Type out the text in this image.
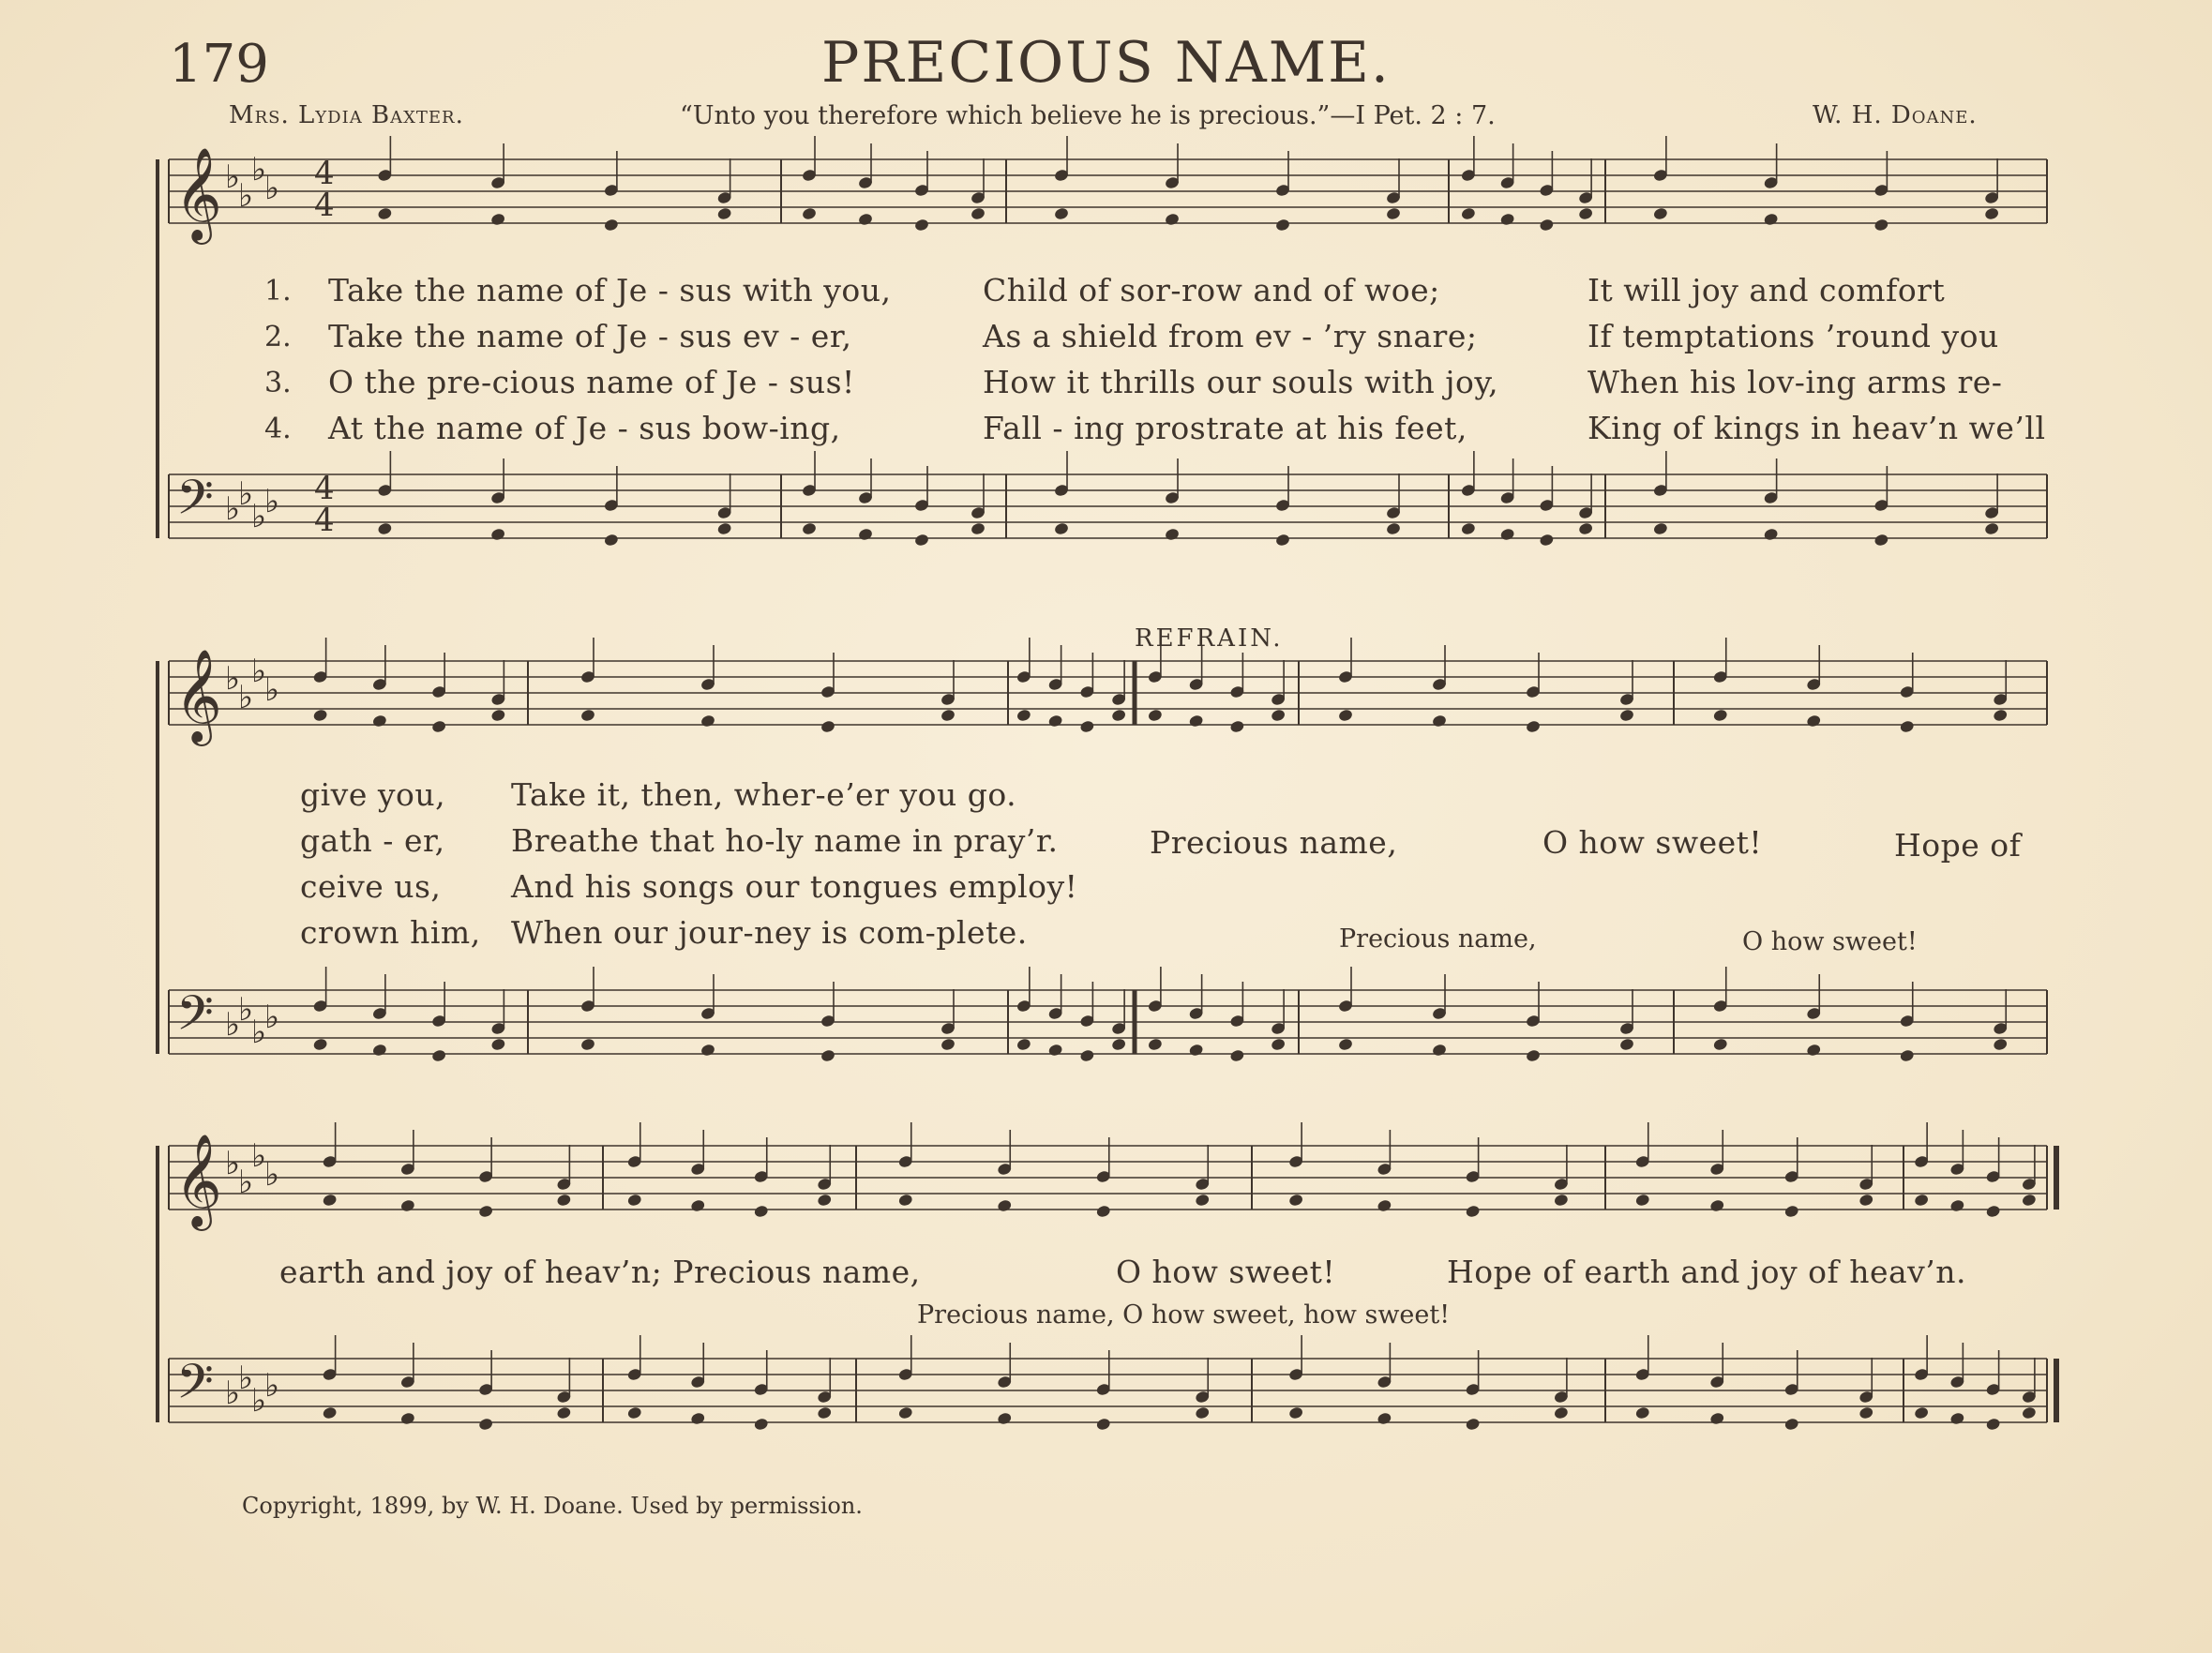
179	PRECIOUS NAME.
Mrs. Lydia Baxter.	“Unto you therefore which believe he is precious.”—I Pet. 2 : 7.	W. H. Doane.
𝄞
𝄢
♭
♭
♭
♭
♭
♭
♭
♭
𝄞
𝄢
♭
♭
♭
♭
♭
♭
♭
♭
𝄞
𝄢
♭
♭
♭
♭
♭
♭
♭
♭
4
4
4
4
1.
2.
3.
4.
Take the name of Je - sus with you,	Child of sor-row and of woe;	It will joy and comfort
Take the name of Je - sus ev - er,	As a shield from ev - ’ry snare;	If temptations ’round you
O the pre-cious name of Je - sus!	How it thrills our souls with joy,	When his lov-ing arms re-
At the name of Je - sus bow-ing,	Fall - ing prostrate at his feet,	King of kings in heav’n we’ll
REFRAIN.
give you, Take it, then, wher-e’er you go.
gath - er, Breathe that ho-ly name in pray’r.
ceive us, And his songs our tongues employ!
crown him, When our jour-ney is com-plete.
Precious name,	O how sweet!	Hope of
Precious name,	O how sweet!
earth and joy of heav’n; Precious name,	O how sweet!	Hope of earth and joy of heav’n.
Precious name, O how sweet, how sweet!
Copyright, 1899, by W. H. Doane. Used by permission.
